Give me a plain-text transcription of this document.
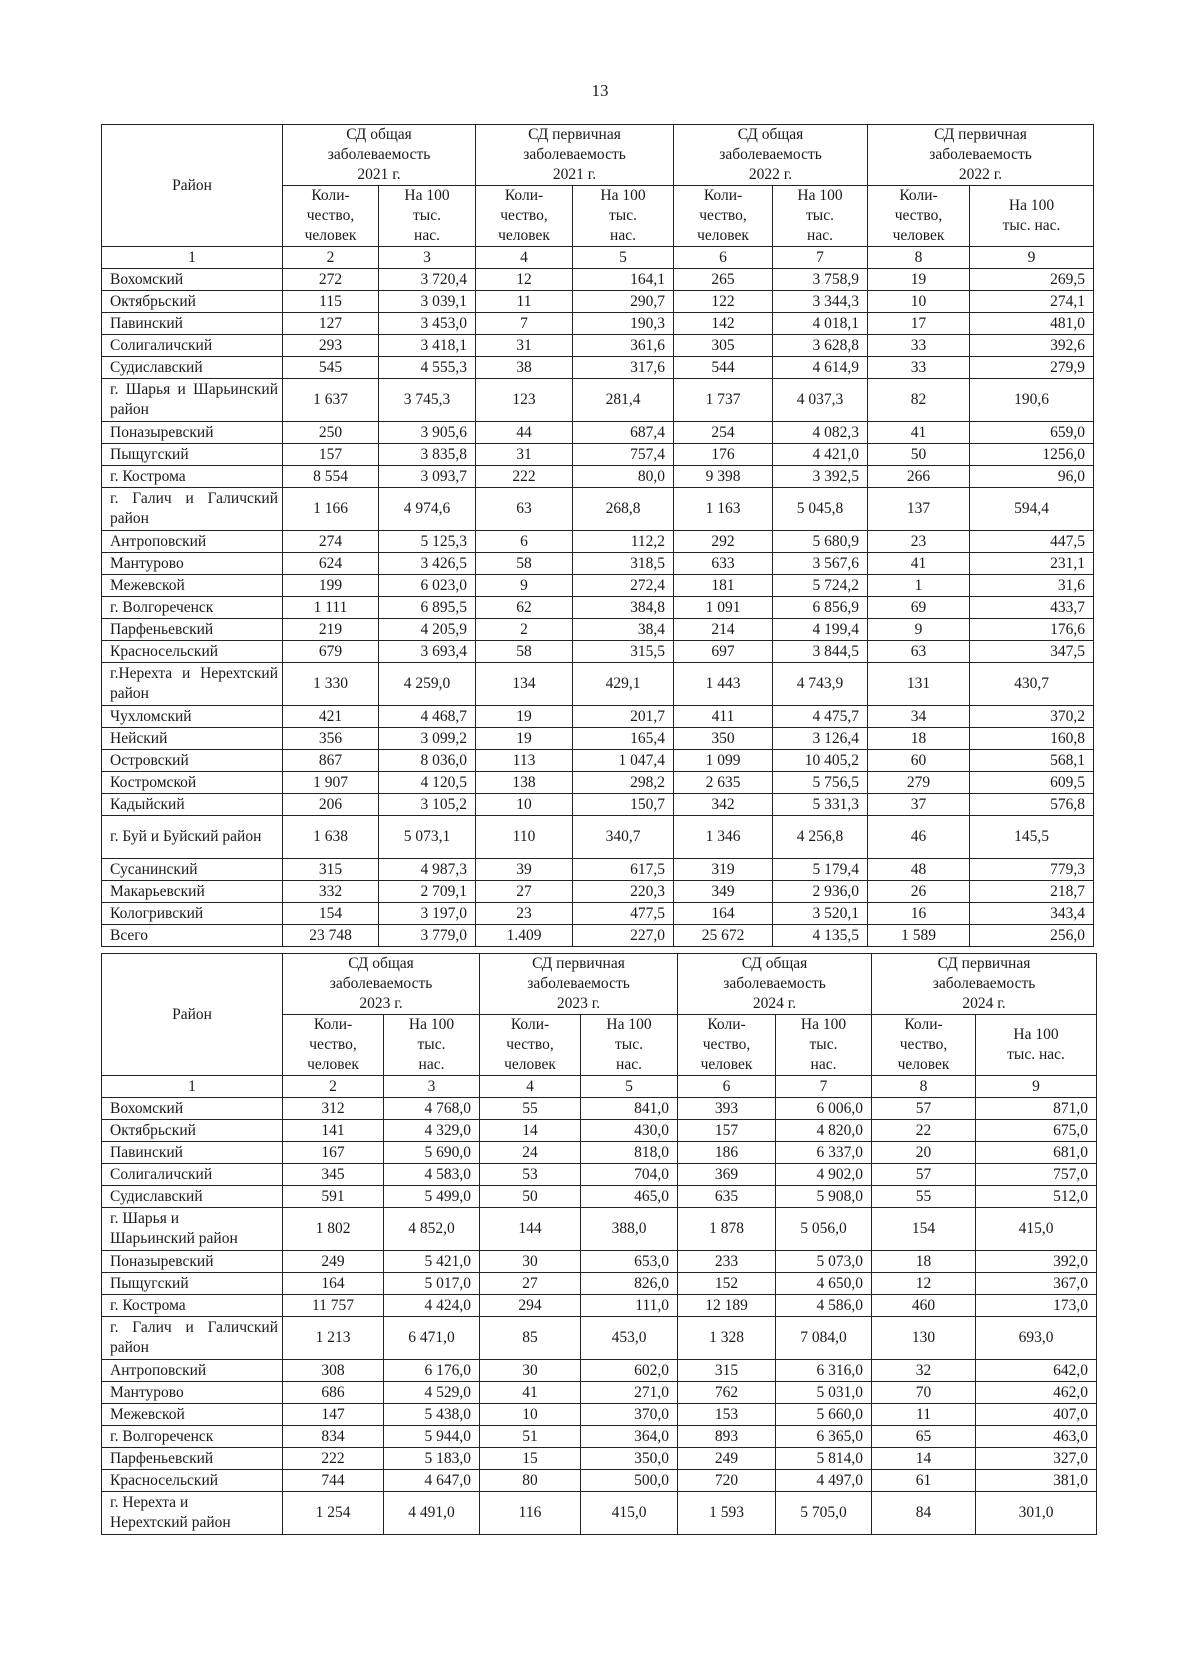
13
Район	СД общая
заболеваемость
2021 г.		СД первичная
заболеваемость
2021 г.		СД общая
заболеваемость
2022 г.		СД первичная
заболеваемость
2022 г.	
	Коли-
чество,
человек	На 100
тыс.
нас.	Коли-
чество,
человек	На 100
тыс.
нас.	Коли-
чество,
человек	На 100
тыс.
нас.	Коли-
чество,
человек	На 100
тыс. нас.
1	2	3	4	5	6	7	8	9
Вохомский	272	3 720,4	12	164,1	265	3 758,9	19	269,5
Октябрьский	115	3 039,1	11	290,7	122	3 344,3	10	274,1
Павинский	127	3 453,0	7	190,3	142	4 018,1	17	481,0
Солигаличский	293	3 418,1	31	361,6	305	3 628,8	33	392,6
Судиславский	545	4 555,3	38	317,6	544	4 614,9	33	279,9
г. Шарья и Шарьинский район	1 637	3 745,3	123	281,4	1 737	4 037,3	82	190,6
Поназыревский	250	3 905,6	44	687,4	254	4 082,3	41	659,0
Пыщугский	157	3 835,8	31	757,4	176	4 421,0	50	1256,0
г. Кострома	8 554	3 093,7	222	80,0	9 398	3 392,5	266	96,0
г. Галич и Галичский район	1 166	4 974,6	63	268,8	1 163	5 045,8	137	594,4
Антроповский	274	5 125,3	6	112,2	292	5 680,9	23	447,5
Мантурово	624	3 426,5	58	318,5	633	3 567,6	41	231,1
Межевской	199	6 023,0	9	272,4	181	5 724,2	1	31,6
г. Волгореченск	1 111	6 895,5	62	384,8	1 091	6 856,9	69	433,7
Парфеньевский	219	4 205,9	2	38,4	214	4 199,4	9	176,6
Красносельский	679	3 693,4	58	315,5	697	3 844,5	63	347,5
г.Нерехта и Нерехтский район	1 330	4 259,0	134	429,1	1 443	4 743,9	131	430,7
Чухломский	421	4 468,7	19	201,7	411	4 475,7	34	370,2
Нейский	356	3 099,2	19	165,4	350	3 126,4	18	160,8
Островский	867	8 036,0	113	1 047,4	1 099	10 405,2	60	568,1
Костромской	1 907	4 120,5	138	298,2	2 635	5 756,5	279	609,5
Кадыйский	206	3 105,2	10	150,7	342	5 331,3	37	576,8
г. Буй и Буйский район	1 638	5 073,1	110	340,7	1 346	4 256,8	46	145,5
Сусанинский	315	4 987,3	39	617,5	319	5 179,4	48	779,3
Макарьевский	332	2 709,1	27	220,3	349	2 936,0	26	218,7
Кологривский	154	3 197,0	23	477,5	164	3 520,1	16	343,4
Всего	23 748	3 779,0	1.409	227,0	25 672	4 135,5	1 589	256,0
Район	СД общая
заболеваемость
2023 г.		СД первичная
заболеваемость
2023 г.		СД общая
заболеваемость
2024 г.		СД первичная
заболеваемость
2024 г.	
	Коли-
чество,
человек	На 100
тыс.
нас.	Коли-
чество,
человек	На 100
тыс.
нас.	Коли-
чество,
человек	На 100
тыс.
нас.	Коли-
чество,
человек	На 100
тыс. нас.
1	2	3	4	5	6	7	8	9
Вохомский	312	4 768,0	55	841,0	393	6 006,0	57	871,0
Октябрьский	141	4 329,0	14	430,0	157	4 820,0	22	675,0
Павинский	167	5 690,0	24	818,0	186	6 337,0	20	681,0
Солигаличский	345	4 583,0	53	704,0	369	4 902,0	57	757,0
Судиславский	591	5 499,0	50	465,0	635	5 908,0	55	512,0
г. Шарья и
Шарьинский район	1 802	4 852,0	144	388,0	1 878	5 056,0	154	415,0
Поназыревский	249	5 421,0	30	653,0	233	5 073,0	18	392,0
Пыщугский	164	5 017,0	27	826,0	152	4 650,0	12	367,0
г. Кострома	11 757	4 424,0	294	111,0	12 189	4 586,0	460	173,0
г. Галич и Галичский район	1 213	6 471,0	85	453,0	1 328	7 084,0	130	693,0
Антроповский	308	6 176,0	30	602,0	315	6 316,0	32	642,0
Мантурово	686	4 529,0	41	271,0	762	5 031,0	70	462,0
Межевской	147	5 438,0	10	370,0	153	5 660,0	11	407,0
г. Волгореченск	834	5 944,0	51	364,0	893	6 365,0	65	463,0
Парфеньевский	222	5 183,0	15	350,0	249	5 814,0	14	327,0
Красносельский	744	4 647,0	80	500,0	720	4 497,0	61	381,0
г. Нерехта и
Нерехтский район	1 254	4 491,0	116	415,0	1 593	5 705,0	84	301,0
